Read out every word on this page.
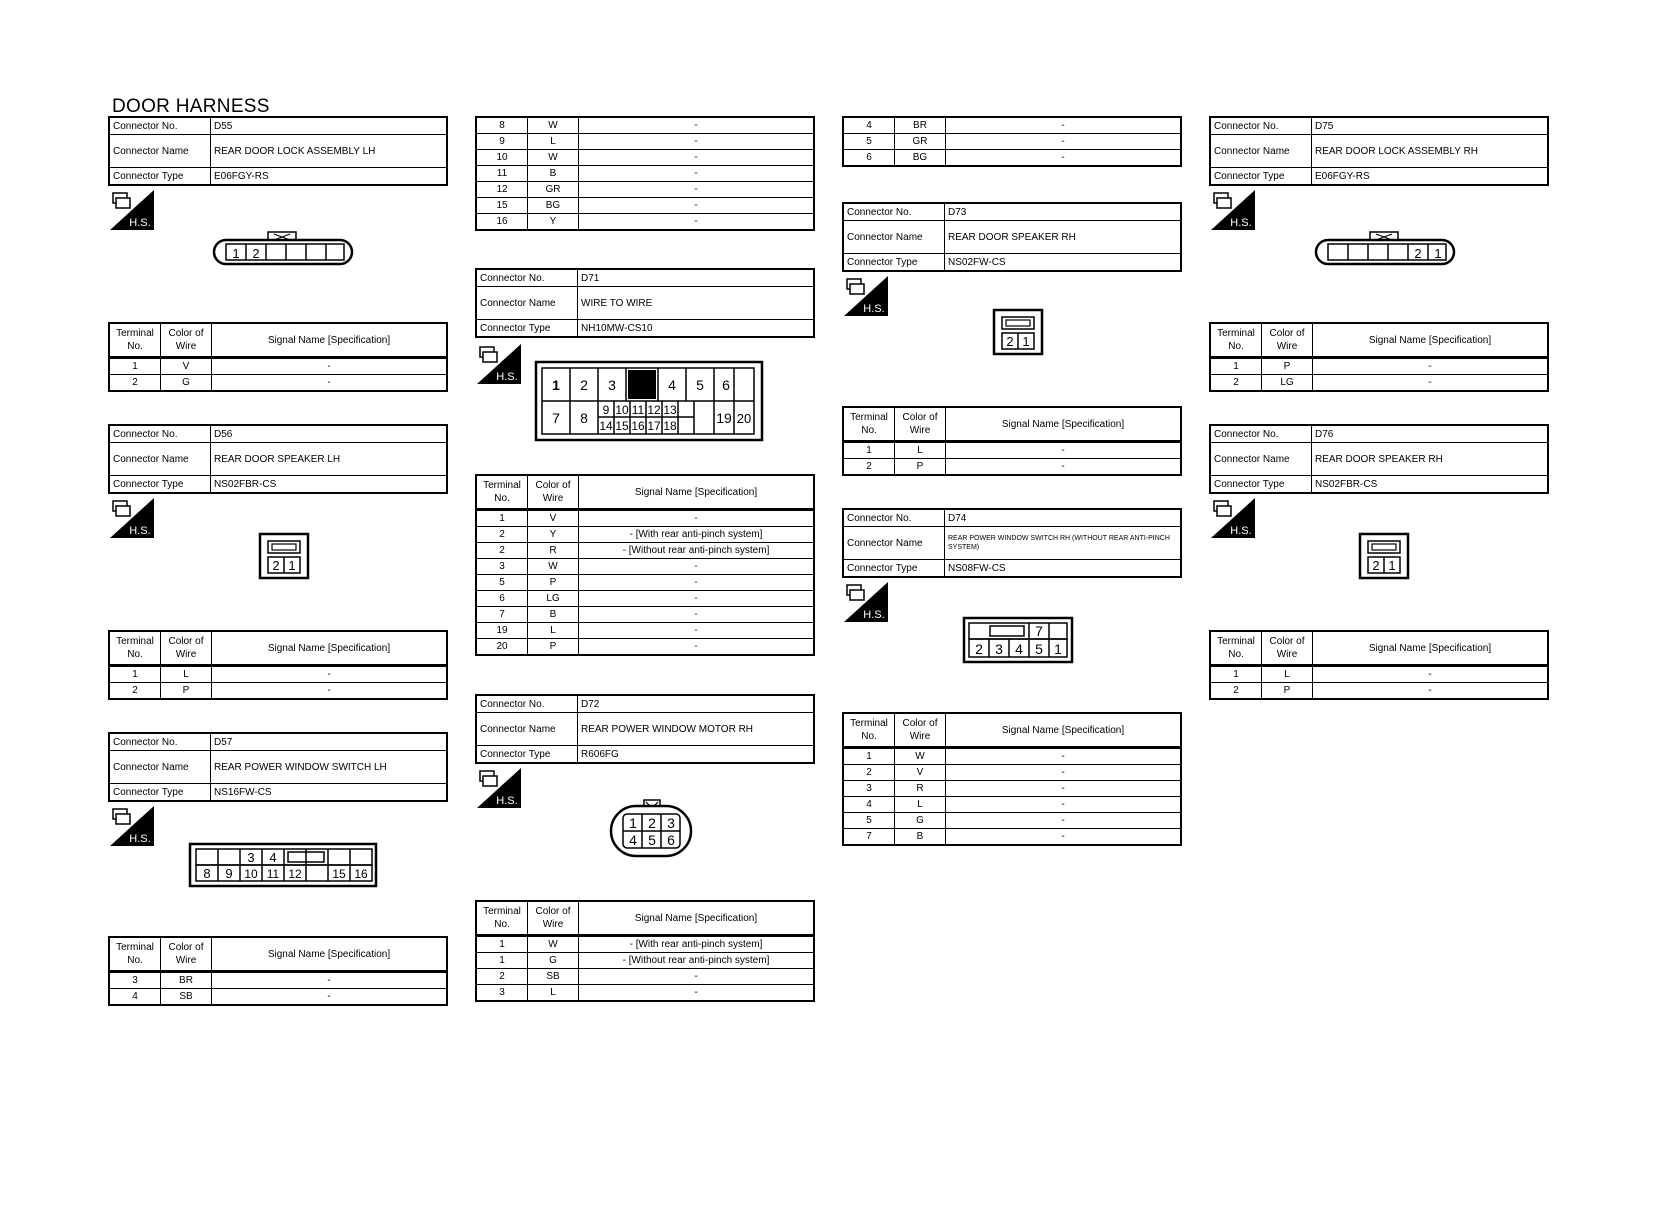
DOOR HARNESS
Connector No.	D55
Connector Name	REAR DOOR LOCK ASSEMBLY LH
Connector Type	E06FGY-RS
H.S.
1 2
Terminal No.	Color of Wire	Signal Name [Specification]
1	V	-
2	G	-
Connector No.	D56
Connector Name	REAR DOOR SPEAKER LH
Connector Type	NS02FBR-CS
H.S.
2 1
Terminal No.	Color of Wire	Signal Name [Specification]
1	L	-
2	P	-
Connector No.	D57
Connector Name	REAR POWER WINDOW SWITCH LH
Connector Type	NS16FW-CS
H.S.
3 4
8 9 10 11 12	15 16
Terminal No.	Color of Wire	Signal Name [Specification]
3	BR	-
4	SB	-
8	W	-
9	L	-
10	W	-
11	B	-
12	GR	-
15	BG	-
16	Y	-
Connector No.	D71
Connector Name	WIRE TO WIRE
Connector Type	NH10MW-CS10
H.S. 1 2 3	4 5 6
7 8 9 10 11 12 13
14 15 16 17 18	19 20
Terminal No.	Color of Wire	Signal Name [Specification]
1	V	-
2	Y	- [With rear anti-pinch system]
2	R	- [Without rear anti-pinch system]
3	W	-
5	P	-
6	LG	-
7	B	-
19	L	-
20	P	-
Connector No.	D72
Connector Name	REAR POWER WINDOW MOTOR RH
Connector Type	R606FG
H.S.
1 2 3
4 5 6
Terminal No.	Color of Wire	Signal Name [Specification]
1	W	- [With rear anti-pinch system]
1	G	- [Without rear anti-pinch system]
2	SB	-
3	L	-
4	BR	-
5	GR	-
6	BG	-
Connector No.	D73
Connector Name	REAR DOOR SPEAKER RH
Connector Type	NS02FW-CS
H.S.
2 1
Terminal No.	Color of Wire	Signal Name [Specification]
1	L	-
2	P	-
Connector No.	D74
Connector Name	REAR POWER WINDOW SWITCH RH (WITHOUT REAR ANTI-PINCH SYSTEM)
Connector Type	NS08FW-CS
H.S.
7
2 3 4 5 1
Terminal No.	Color of Wire	Signal Name [Specification]
1	W	-
2	V	-
3	R	-
4	L	-
5	G	-
7	B	-
Connector No.	D75
Connector Name	REAR DOOR LOCK ASSEMBLY RH
Connector Type	E06FGY-RS
H.S.
2 1
Terminal No.	Color of Wire	Signal Name [Specification]
1	P	-
2	LG	-
Connector No.	D76
Connector Name	REAR DOOR SPEAKER RH
Connector Type	NS02FBR-CS
H.S.
2 1
Terminal No.	Color of Wire	Signal Name [Specification]
1	L	-
2	P	-
